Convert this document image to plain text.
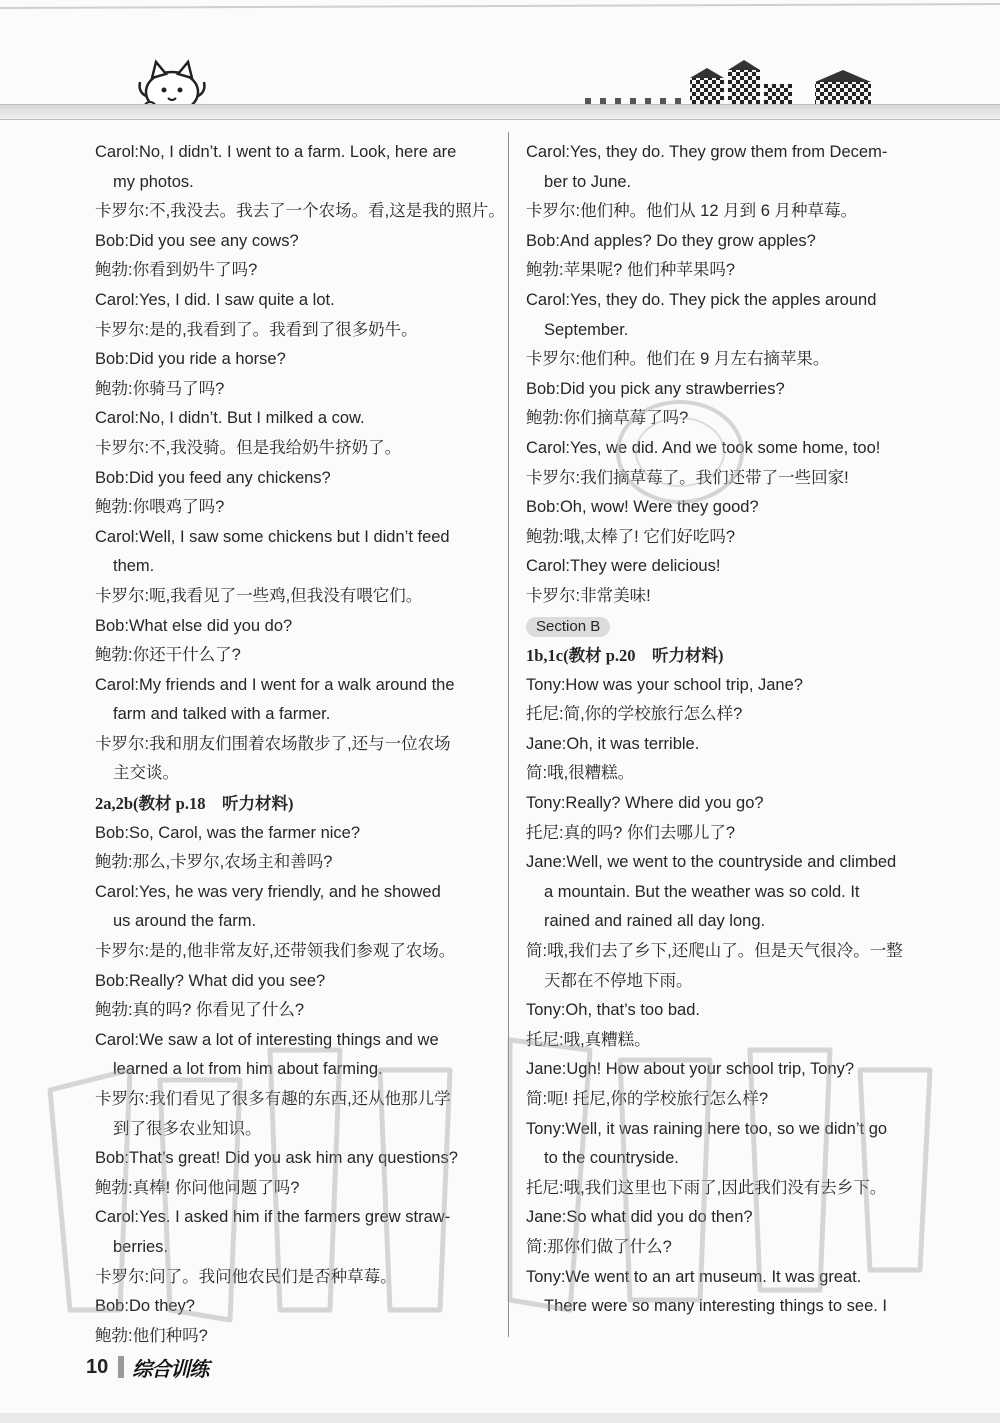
Carol:No, I didn’t. I went to a farm. Look, here are
my photos.
卡罗尔:不,我没去。我去了一个农场。看,这是我的照片。
Bob:Did you see any cows?
鲍勃:你看到奶牛了吗?
Carol:Yes, I did. I saw quite a lot.
卡罗尔:是的,我看到了。我看到了很多奶牛。
Bob:Did you ride a horse?
鲍勃:你骑马了吗?
Carol:No, I didn’t. But I milked a cow.
卡罗尔:不,我没骑。但是我给奶牛挤奶了。
Bob:Did you feed any chickens?
鲍勃:你喂鸡了吗?
Carol:Well, I saw some chickens but I didn’t feed
them.
卡罗尔:呃,我看见了一些鸡,但我没有喂它们。
Bob:What else did you do?
鲍勃:你还干什么了?
Carol:My friends and I went for a walk around the
farm and talked with a farmer.
卡罗尔:我和朋友们围着农场散步了,还与一位农场
主交谈。
2a,2b(教材 p.18　听力材料)
Bob:So, Carol, was the farmer nice?
鲍勃:那么,卡罗尔,农场主和善吗?
Carol:Yes, he was very friendly, and he showed
us around the farm.
卡罗尔:是的,他非常友好,还带领我们参观了农场。
Bob:Really? What did you see?
鲍勃:真的吗? 你看见了什么?
Carol:We saw a lot of interesting things and we
learned a lot from him about farming.
卡罗尔:我们看见了很多有趣的东西,还从他那儿学
到了很多农业知识。
Bob:That’s great! Did you ask him any questions?
鲍勃:真棒! 你问他问题了吗?
Carol:Yes. I asked him if the farmers grew straw-
berries.
卡罗尔:问了。我问他农民们是否种草莓。
Bob:Do they?
鲍勃:他们种吗?
Carol:Yes, they do. They grow them from Decem-
ber to June.
卡罗尔:他们种。他们从 12 月到 6 月种草莓。
Bob:And apples? Do they grow apples?
鲍勃:苹果呢? 他们种苹果吗?
Carol:Yes, they do. They pick the apples around
September.
卡罗尔:他们种。他们在 9 月左右摘苹果。
Bob:Did you pick any strawberries?
鲍勃:你们摘草莓了吗?
Carol:Yes, we did. And we took some home, too!
卡罗尔:我们摘草莓了。我们还带了一些回家!
Bob:Oh, wow! Were they good?
鲍勃:哦,太棒了! 它们好吃吗?
Carol:They were delicious!
卡罗尔:非常美味!
Section B
1b,1c(教材 p.20　听力材料)
Tony:How was your school trip, Jane?
托尼:简,你的学校旅行怎么样?
Jane:Oh, it was terrible.
简:哦,很糟糕。
Tony:Really? Where did you go?
托尼:真的吗? 你们去哪儿了?
Jane:Well, we went to the countryside and climbed
a mountain. But the weather was so cold. It
rained and rained all day long.
简:哦,我们去了乡下,还爬山了。但是天气很冷。一整
天都在不停地下雨。
Tony:Oh, that’s too bad.
托尼:哦,真糟糕。
Jane:Ugh! How about your school trip, Tony?
简:呃! 托尼,你的学校旅行怎么样?
Tony:Well, it was raining here too, so we didn’t go
to the countryside.
托尼:哦,我们这里也下雨了,因此我们没有去乡下。
Jane:So what did you do then?
简:那你们做了什么?
Tony:We went to an art museum. It was great.
There were so many interesting things to see. I
10 综合训练
